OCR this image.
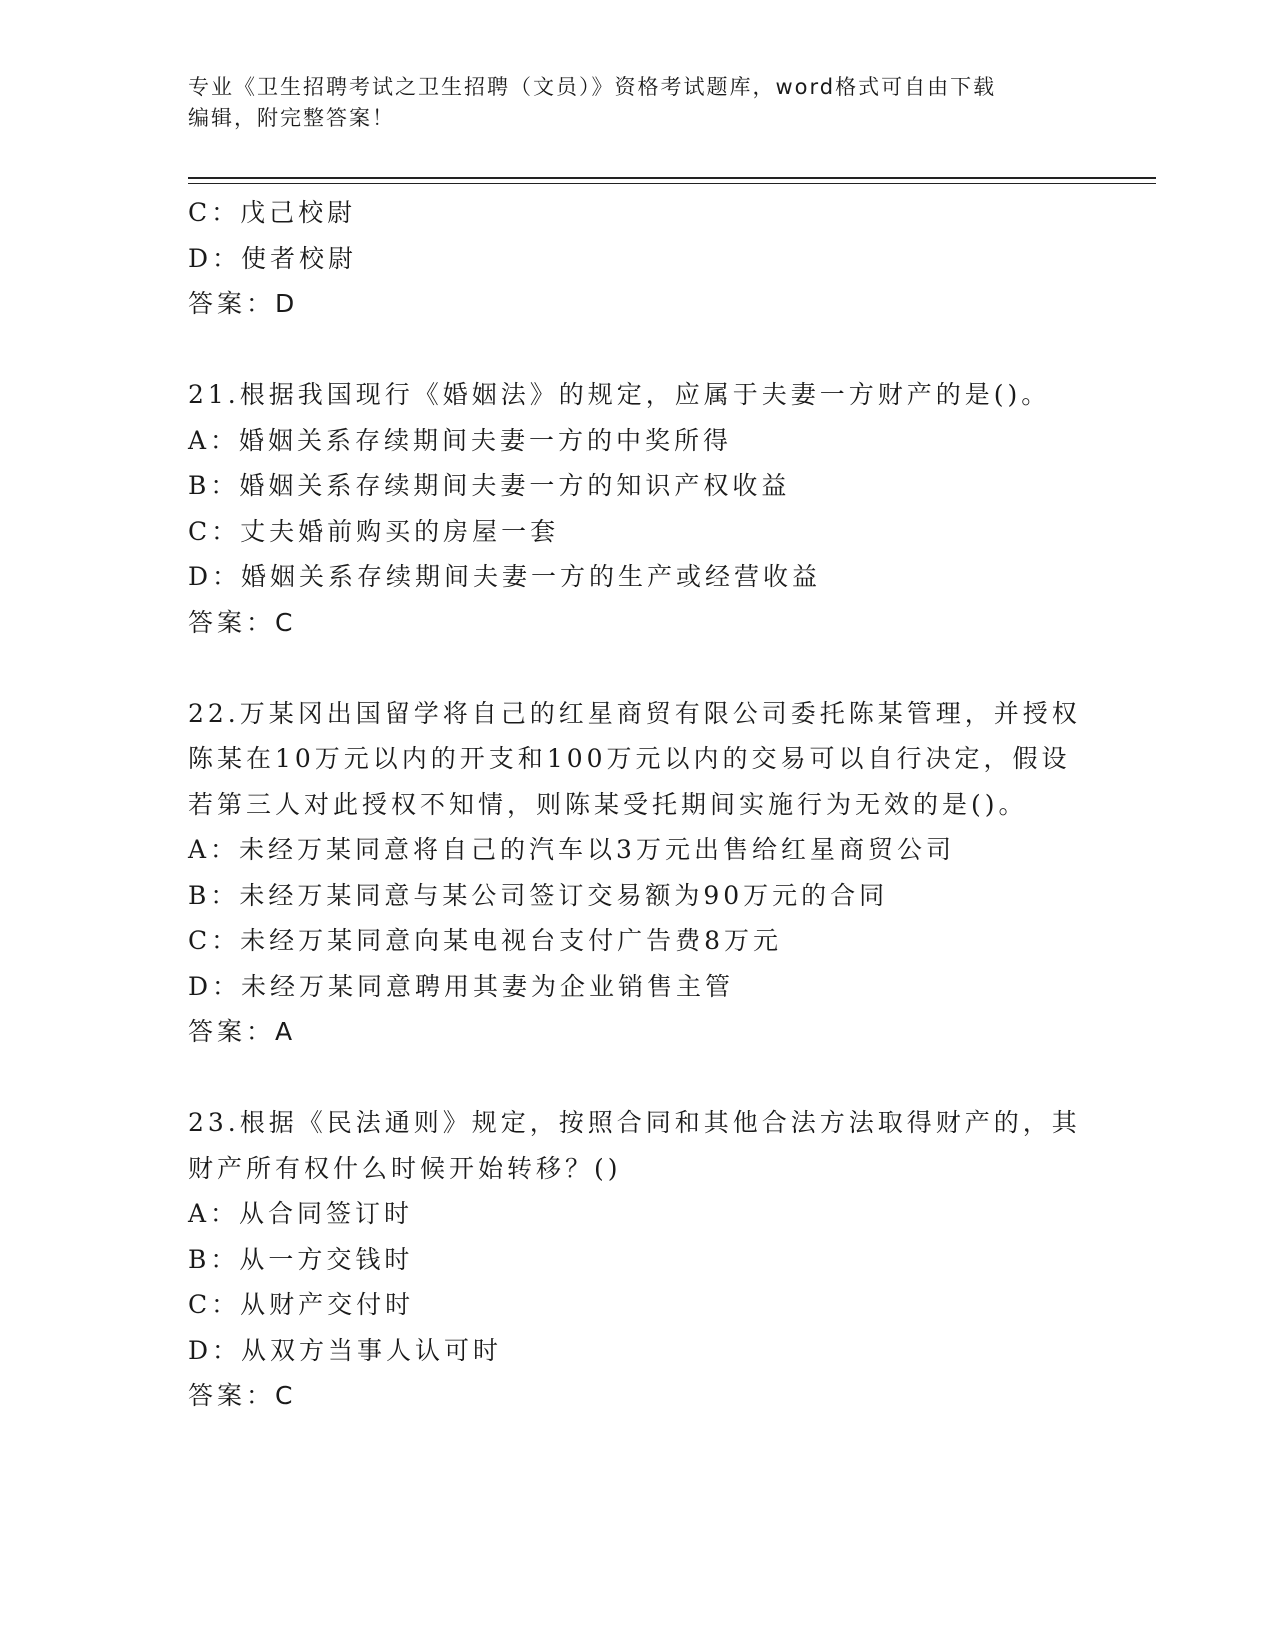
专业《卫生招聘考试之卫生招聘（文员）》资格考试题库，word格式可自由下载
编辑，附完整答案！
C：戊己校尉
D：使者校尉
答案：D
21.根据我国现行《婚姻法》的规定，应属于夫妻一方财产的是()。
A：婚姻关系存续期间夫妻一方的中奖所得
B：婚姻关系存续期间夫妻一方的知识产权收益
C：丈夫婚前购买的房屋一套
D：婚姻关系存续期间夫妻一方的生产或经营收益
答案：C
22.万某冈出国留学将自己的红星商贸有限公司委托陈某管理，并授权
陈某在10万元以内的开支和100万元以内的交易可以自行决定，假设
若第三人对此授权不知情，则陈某受托期间实施行为无效的是()。
A：未经万某同意将自己的汽车以3万元出售给红星商贸公司
B：未经万某同意与某公司签订交易额为90万元的合同
C：未经万某同意向某电视台支付广告费8万元
D：未经万某同意聘用其妻为企业销售主管
答案：A
23.根据《民法通则》规定，按照合同和其他合法方法取得财产的，其
财产所有权什么时候开始转移？()
A：从合同签订时
B：从一方交钱时
C：从财产交付时
D：从双方当事人认可时
答案：C
